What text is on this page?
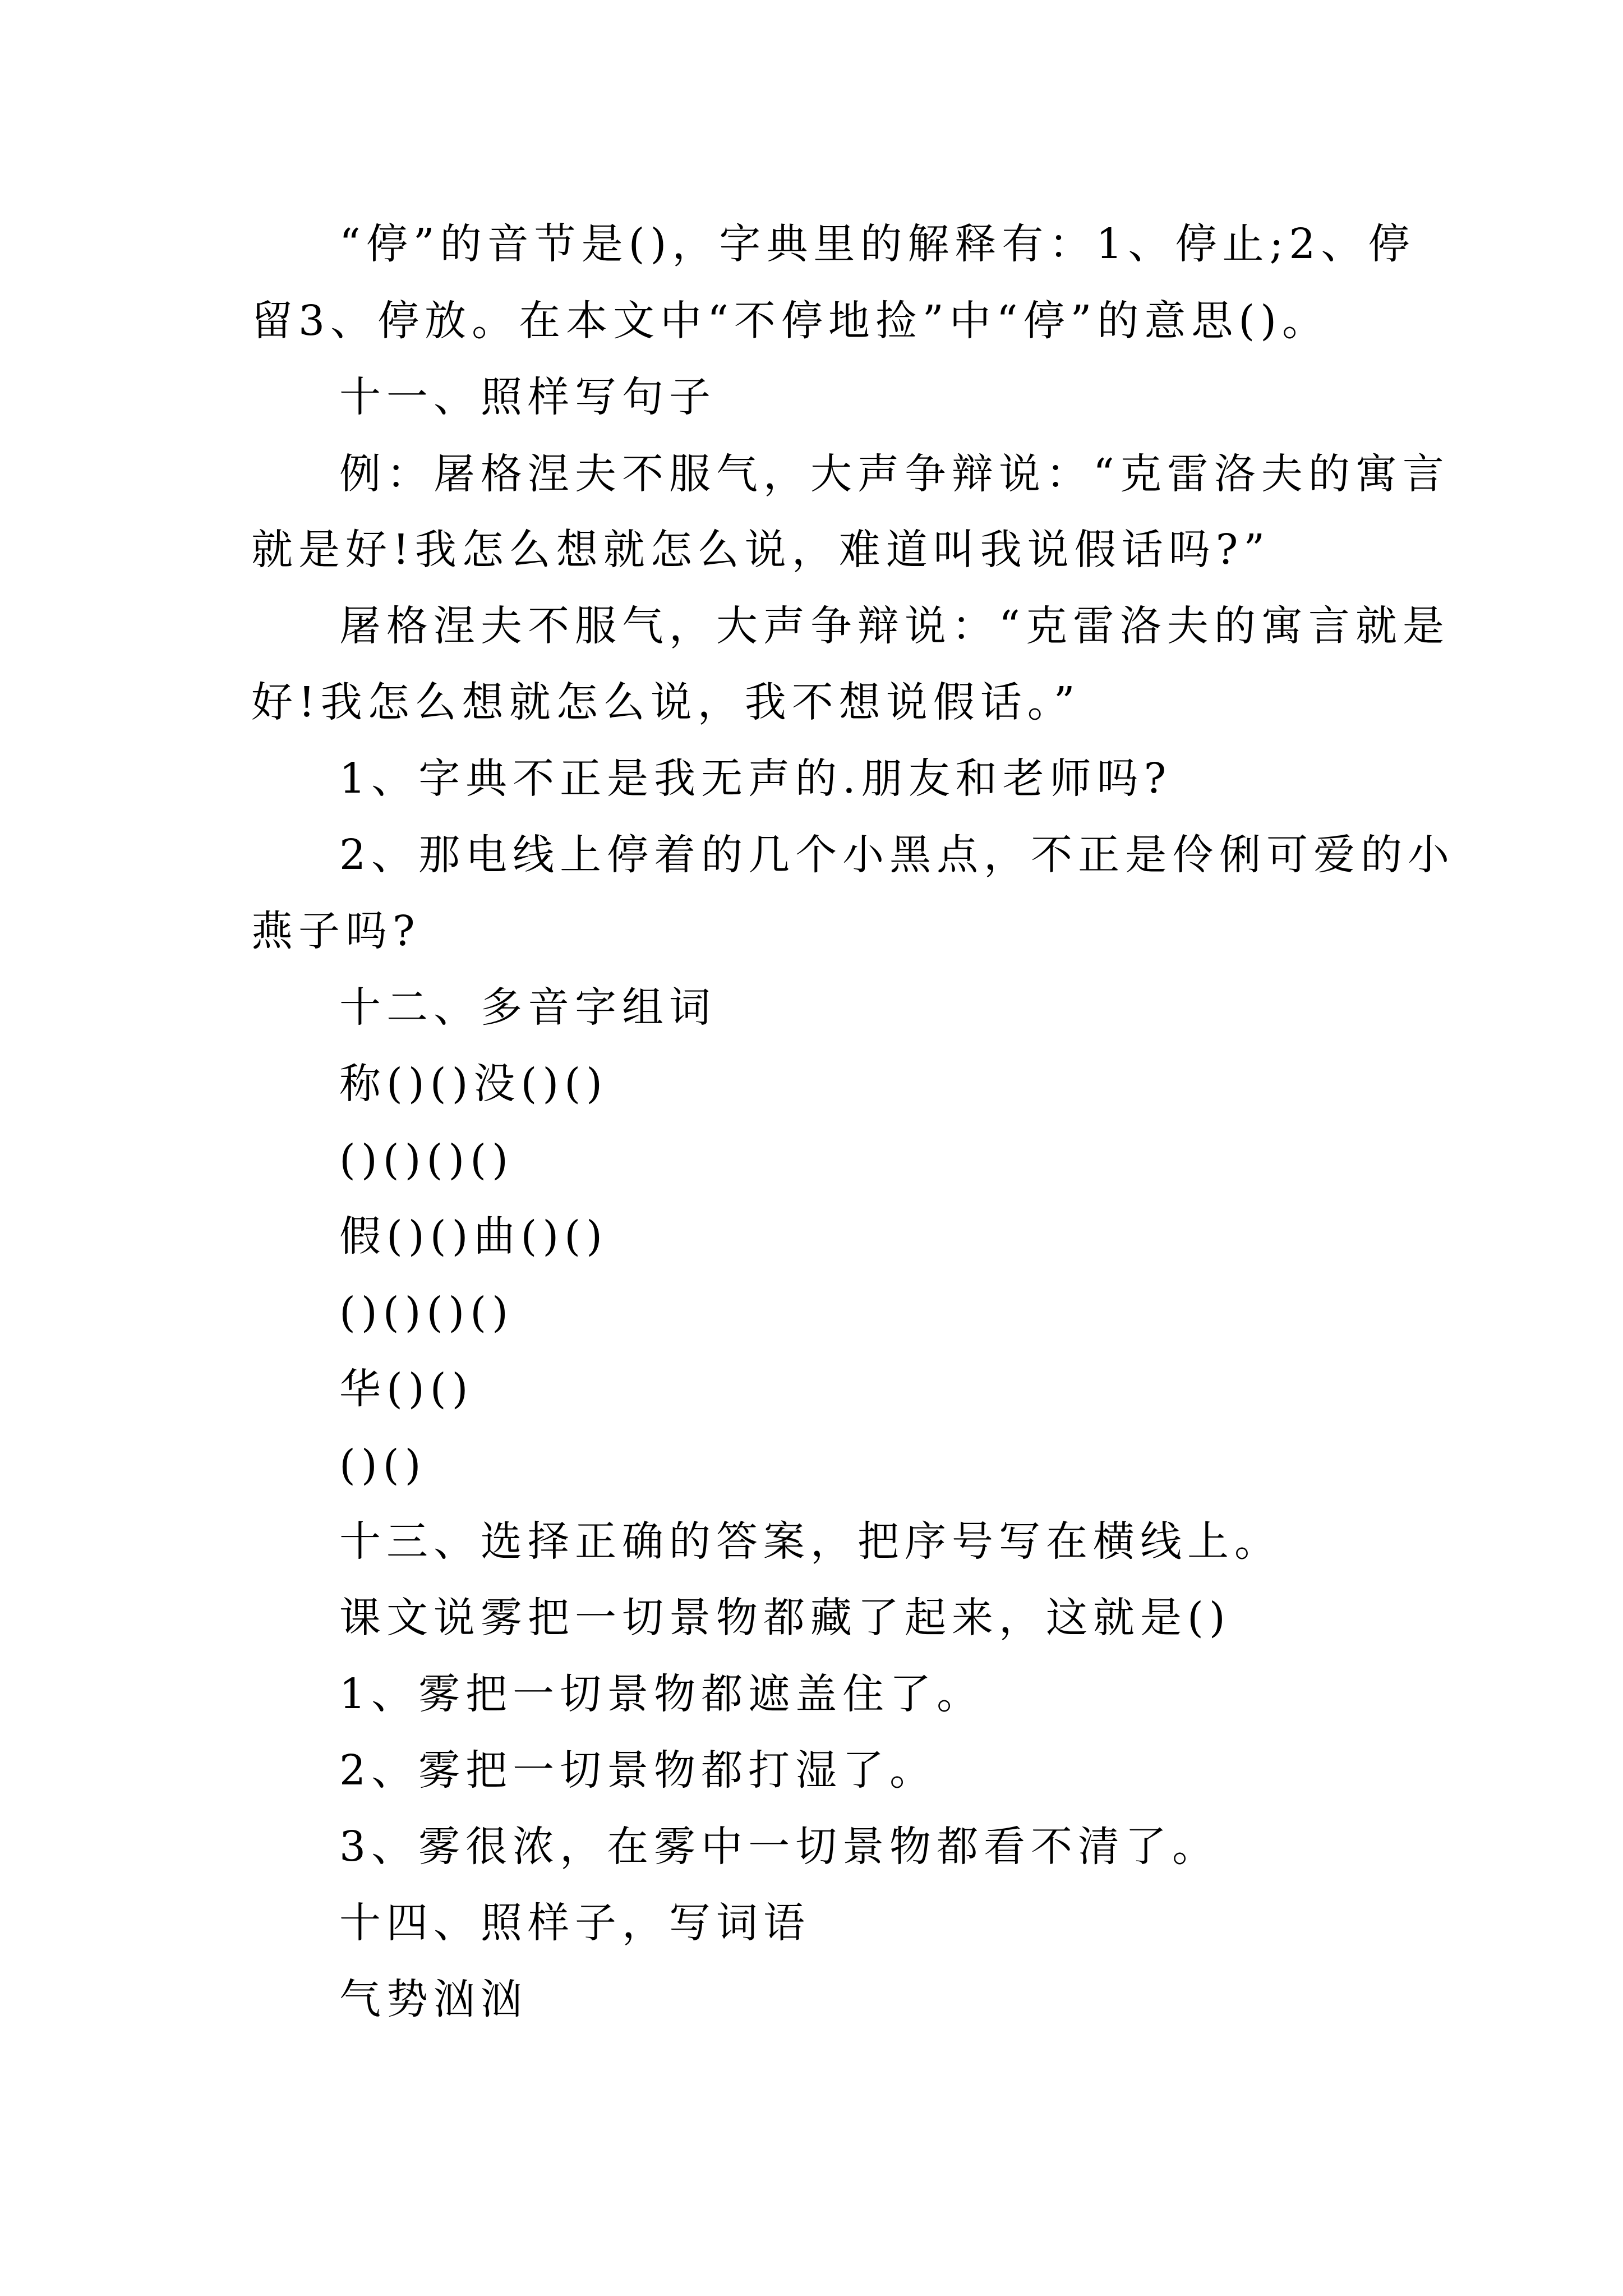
“停”的音节是()，字典里的解释有：1、停止;2、停
留3、停放。在本文中“不停地捡”中“停”的意思()。
十一、照样写句子
例：屠格涅夫不服气，大声争辩说：“克雷洛夫的寓言
就是好!我怎么想就怎么说，难道叫我说假话吗?”
屠格涅夫不服气，大声争辩说：“克雷洛夫的寓言就是
好!我怎么想就怎么说，我不想说假话。”
1、字典不正是我无声的.朋友和老师吗?
2、那电线上停着的几个小黑点，不正是伶俐可爱的小
燕子吗?
十二、多音字组词
称()()没()()
()()()()
假()()曲()()
()()()()
华()()
()()
十三、选择正确的答案，把序号写在横线上。
课文说雾把一切景物都藏了起来，这就是()
1、雾把一切景物都遮盖住了。
2、雾把一切景物都打湿了。
3、雾很浓，在雾中一切景物都看不清了。
十四、照样子，写词语
气势汹汹
